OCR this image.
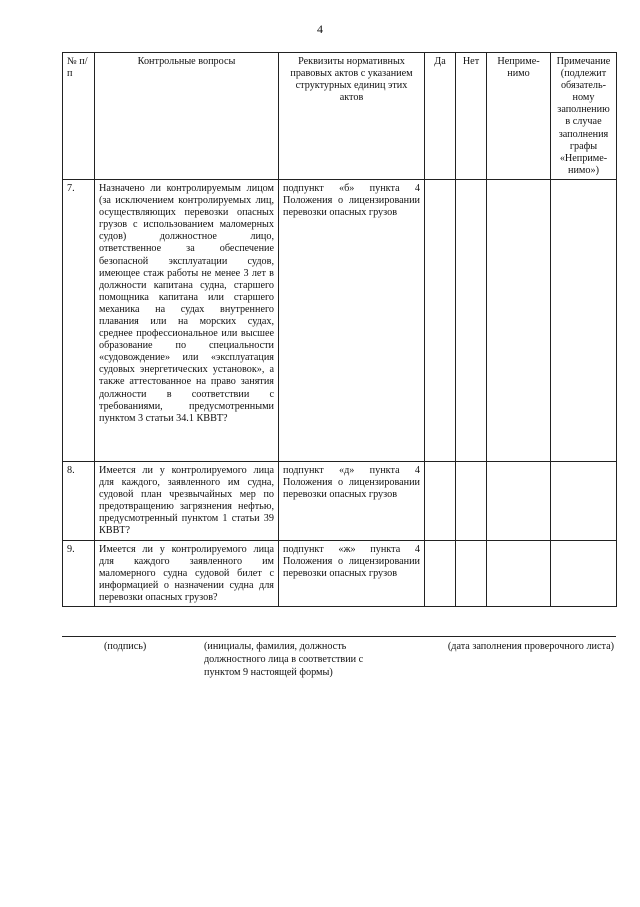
4
№ п/п	Контрольные вопросы	Реквизиты нормативных правовых актов с указанием структурных единиц этих актов	Да	Нет	Неприме- нимо	Примечание (подлежит обязатель- ному заполнению в случае заполнения графы «Неприме- нимо»)
7.	Назначено ли контролируемым лицом (за исключением контролируемых лиц, осуществляющих перевозки опасных грузов с использованием маломерных судов) должностное лицо, ответственное за обеспечение безопасной эксплуатации судов, имеющее стаж работы не менее 3 лет в должности капитана судна, старшего помощника капитана или старшего механика на судах внутреннего плавания или на морских судах, среднее профессиональное или высшее образование по специальности «судовождение» или «эксплуатация судовых энергетических установок», а также аттестованное на право занятия должности в соответствии с требованиями, предусмотренными пунктом 3 статьи 34.1 КВВТ?	подпункт «б» пункта 4 Положения о лицензировании перевозки опасных грузов				
8.	Имеется ли у контролируемого лица для каждого, заявленного им судна, судовой план чрезвычайных мер по предотвращению загрязнения нефтью, предусмотренный пунктом 1 статьи 39 КВВТ?	подпункт «д» пункта 4 Положения о лицензировании перевозки опасных грузов				
9.	Имеется ли у контролируемого лица для каждого заявленного им маломерного судна судовой билет с информацией о назначении судна для перевозки опасных грузов?	подпункт «ж» пункта 4 Положения о лицензировании перевозки опасных грузов				
(подпись)	(инициалы, фамилия, должность должностного лица в соответствии с пунктом 9 настоящей формы)
(дата заполнения проверочного листа)
